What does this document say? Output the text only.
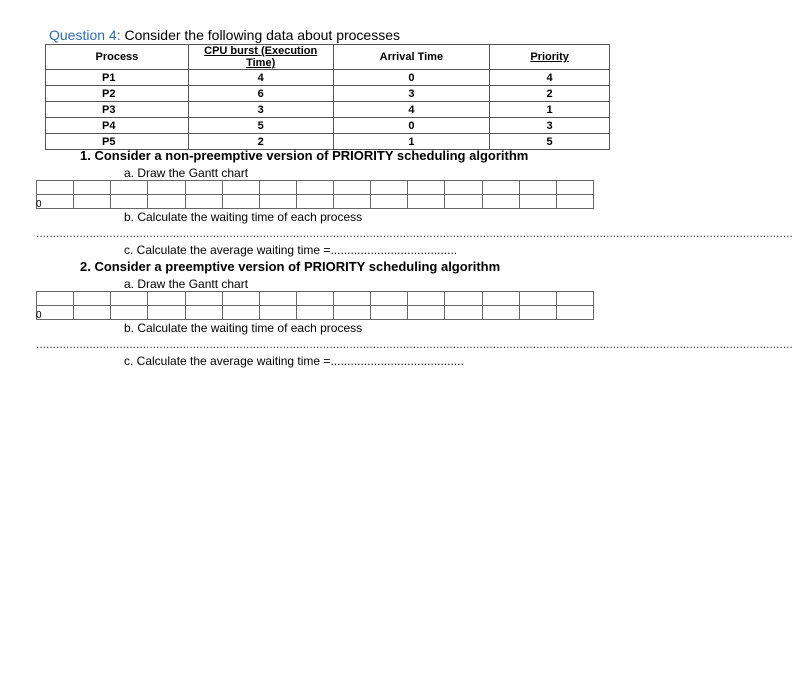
Question 4: Consider the following data about processes
Process	CPU burst (Execution Time)	Arrival Time	Priority
P1	4	0	4
P2	6	3	2
P3	3	4	1
P4	5	0	3
P5	2	1	5
1. Consider a non-preemptive version of PRIORITY scheduling algorithm
a. Draw the Gantt chart
0
b. Calculate the waiting time of each process
...................................................................................................................................................................................................................................
c. Calculate the average waiting time =......................................
2. Consider a preemptive version of PRIORITY scheduling algorithm
a. Draw the Gantt chart
0
b. Calculate the waiting time of each process
...................................................................................................................................................................................................................................
c. Calculate the average waiting time =........................................
